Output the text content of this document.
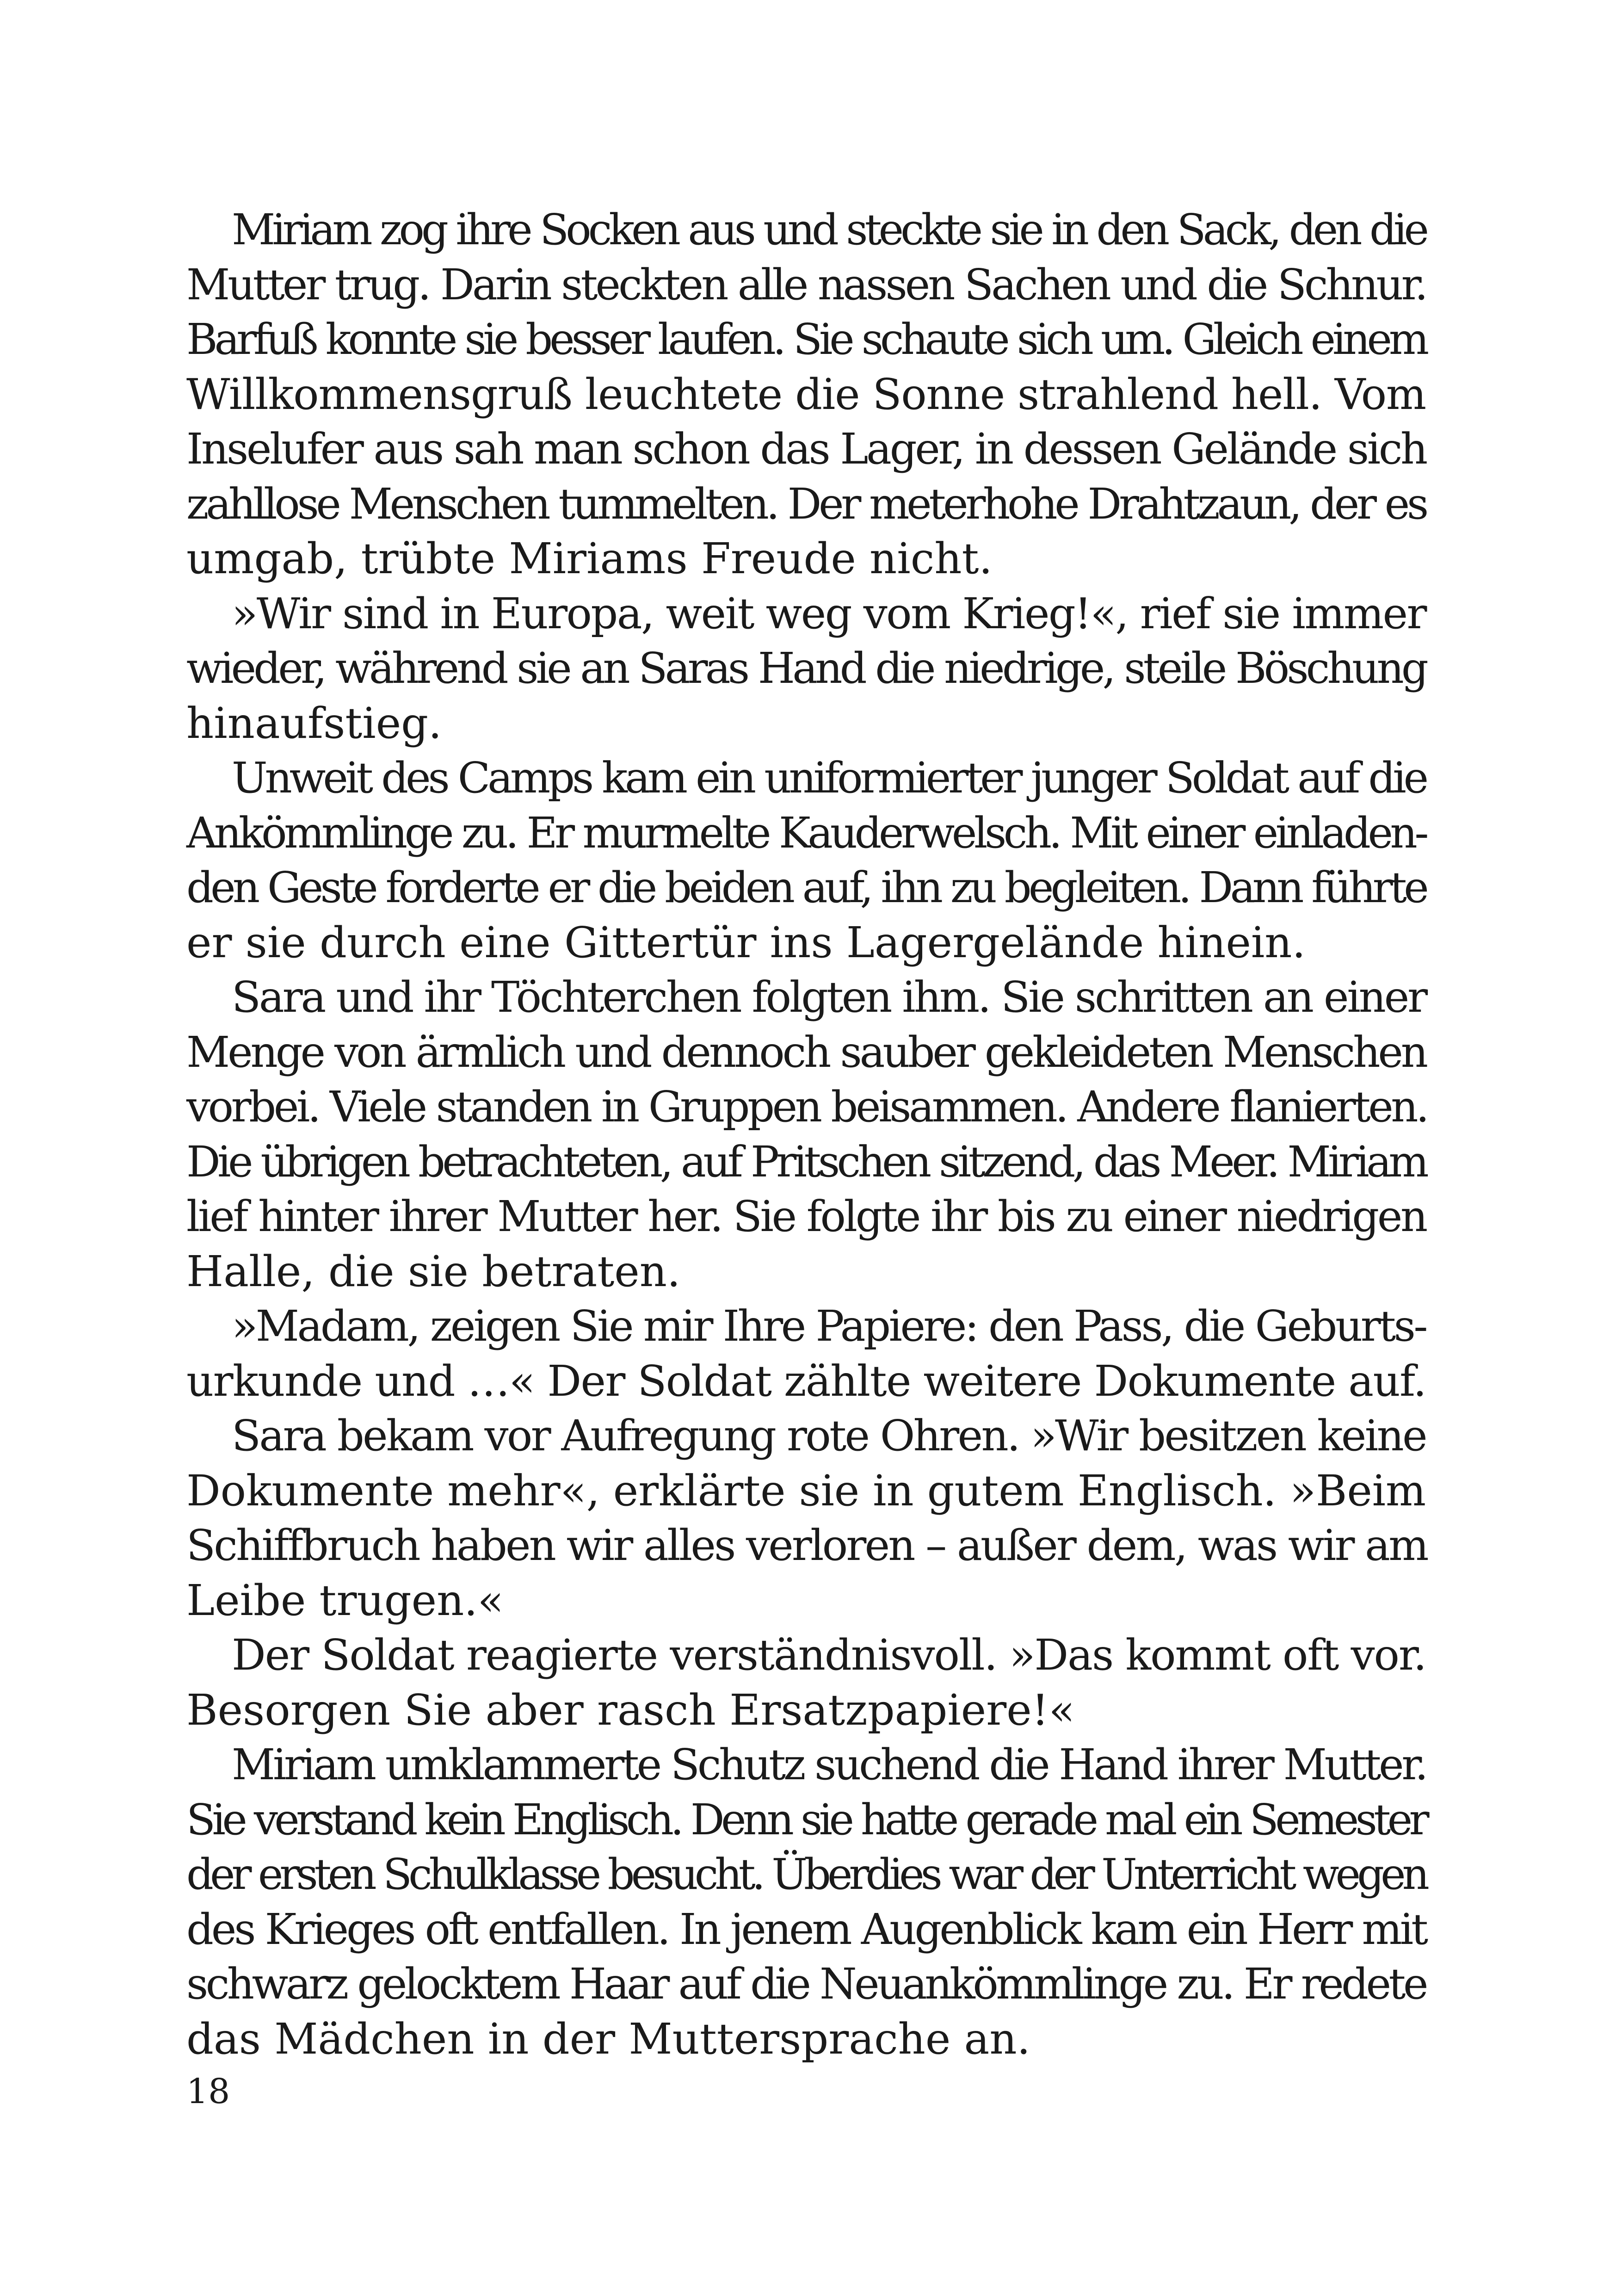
Miriam zog ihre Socken aus und steckte sie in den Sack, den die
Mutter trug. Darin steckten alle nassen Sachen und die Schnur.
Barfuß konnte sie besser laufen. Sie schaute sich um. Gleich einem
Willkommensgruß leuchtete die Sonne strahlend hell. Vom
Inselufer aus sah man schon das Lager, in dessen Gelände sich
zahllose Menschen tummelten. Der meterhohe Drahtzaun, der es
umgab, trübte Miriams Freude nicht.

»Wir sind in Europa, weit weg vom Krieg!«, rief sie immer
wieder, während sie an Saras Hand die niedrige, steile Böschung
hinaufstieg.

Unweit des Camps kam ein uniformierter junger Soldat auf die
Ankömmlinge zu. Er murmelte Kauderwelsch. Mit einer einladen-
den Geste forderte er die beiden auf, ihn zu begleiten. Dann führte
er sie durch eine Gittertür ins Lagergelände hinein.

Sara und ihr Töchterchen folgten ihm. Sie schritten an einer
Menge von ärmlich und dennoch sauber gekleideten Menschen
vorbei. Viele standen in Gruppen beisammen. Andere flanierten.
Die übrigen betrachteten, auf Pritschen sitzend, das Meer. Miriam
lief hinter ihrer Mutter her. Sie folgte ihr bis zu einer niedrigen
Halle, die sie betraten.

»Madam, zeigen Sie mir Ihre Papiere: den Pass, die Geburts-
urkunde und …« Der Soldat zählte weitere Dokumente auf.

Sara bekam vor Aufregung rote Ohren. »Wir besitzen keine
Dokumente mehr«, erklärte sie in gutem Englisch. »Beim
Schiffbruch haben wir alles verloren – außer dem, was wir am
Leibe trugen.«

Der Soldat reagierte verständnisvoll. »Das kommt oft vor.
Besorgen Sie aber rasch Ersatzpapiere!«

Miriam umklammerte Schutz suchend die Hand ihrer Mutter.
Sie verstand kein Englisch. Denn sie hatte gerade mal ein Semester
der ersten Schulklasse besucht. Überdies war der Unterricht wegen
des Krieges oft entfallen. In jenem Augenblick kam ein Herr mit
schwarz gelocktem Haar auf die Neuankömmlinge zu. Er redete
das Mädchen in der Muttersprache an.

18
